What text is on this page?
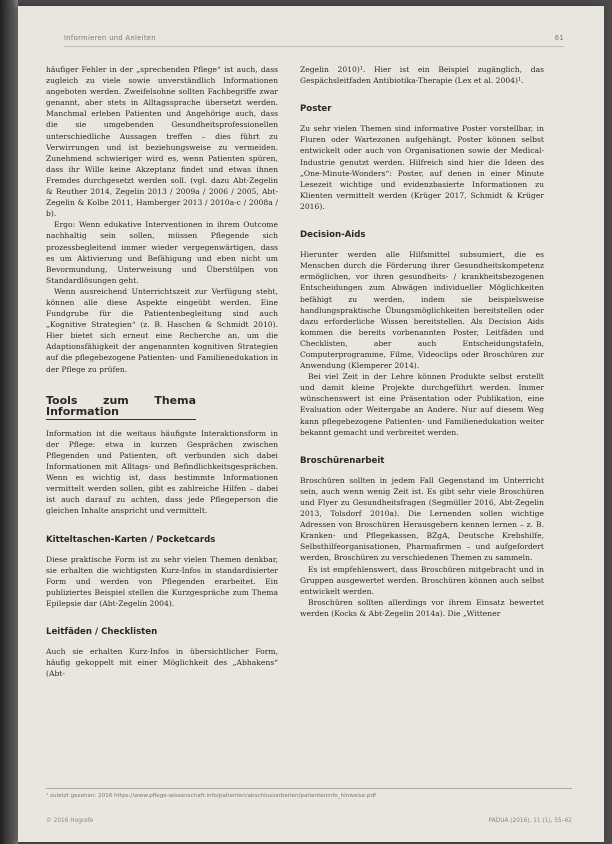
Informieren und Anleiten	61

häufiger Fehler in der „sprechenden Pflege“ ist auch, dass zugleich zu viele sowie unverständlich Informationen angeboten werden. Zweifelsohne sollten Fachbegriffe zwar genannt, aber stets in Alltagssprache übersetzt werden. Manchmal erleben Patienten und Angehörige auch, dass die sie umgebenden Gesundheitsprofessionellen unterschiedliche Aussagen treffen – dies führt zu Verwirrungen und ist beziehungsweise zu vermeiden. Zunehmend schwieriger wird es, wenn Patienten spüren, dass ihr Wille keine Akzeptanz findet und etwas ihnen Fremdes durchgesetzt werden soll. (vgl. dazu Abt-Zegelin & Reuther 2014, Zegelin 2013 / 2009a / 2006 / 2005, Abt-Zegelin & Kolbe 2011, Hamberger 2013 / 2010a-c / 2008a / b).

Ergo: Wenn edukative Interventionen in ihrem Outcome nachhaltig sein sollen, müssen Pflegende sich prozessbegleitend immer wieder vergegenwärtigen, dass es um Aktivierung und Befähigung und eben nicht um Bevormundung, Unterweisung und Überstülpen von Standardlösungen geht.

Wenn ausreichend Unterrichtszeit zur Verfügung steht, können alle diese Aspekte eingeübt werden. Eine Fundgrube für die Patientenbegleitung sind auch „Kognitive Strategien“ (z. B. Haschen & Schmidt 2010). Hier bietet sich erneut eine Recherche an, um die Adaptionsfähigkeit der angenannten kognitiven Strategien auf die pflegebezogene Patienten- und Familienedukation in der Pflege zu prüfen.

Tools zum Thema Information

Information ist die weitaus häufigste Interaktionsform in der Pflege: etwa in kurzen Gesprächen zwischen Pflegenden und Patienten, oft verbunden sich dabei Informationen mit Alltags- und Befindlichkeitsgesprächen. Wenn es wichtig ist, dass bestimmte Informationen vermittelt werden sollen, gibt es zahlreiche Hilfen – dabei ist auch darauf zu achten, dass jede Pflegeperson die gleichen Inhalte anspricht und vermittelt.

Kitteltaschen-Karten / Pocketcards

Diese praktische Form ist zu sehr vielen Themen denkbar, sie erhalten die wichtigsten Kurz-Infos in standardisierter Form und werden von Pflegenden erarbeitet. Ein publiziertes Beispiel stellen die Kurzgespräche zum Thema Epilepsie dar (Abt-Zegelin 2004).

Leitfäden / Checklisten

Auch sie erhalten Kurz-Infos in übersichtlicher Form, häufig gekoppelt mit einer Möglichkeit des „Abhakens“ (Abt-

Zegelin 2010)¹. Hier ist ein Beispiel zugänglich, das Gespächsleitfaden Antibiotika-Therapie (Lex et al. 2004)¹.

Poster

Zu sehr vielen Themen sind informative Poster vorstellbar, in Fluren oder Wartezonen aufgehängt. Poster können selbst entwickelt oder auch von Organisationen sowie der Medical-Industrie genutzt werden. Hilfreich sind hier die Ideen des „One-Minute-Wonders“: Poster, auf denen in einer Minute Lesezeit wichtige und evidenzbasierte Informationen zu Klienten vermittelt werden (Krüger 2017, Schmidt & Krüger 2016).

Decision-Aids

Hierunter werden alle Hilfsmittel subsumiert, die es Menschen durch die Förderung ihrer Gesundheitskompetenz ermöglichen, vor ihren gesundheits- / krankheitsbezogenen Entscheidungen zum Abwägen individueller Möglichkeiten befähigt zu werden, indem sie beispielsweise handlungspraktische Übungsmöglichkeiten bereitstellen oder dazu erforderliche Wissen bereitstellen. Als Decision Aids kommen die bereits vorbenannten Poster, Leitfäden und Checklisten, aber auch Entscheidungstafeln, Computerprogramme, Filme, Videoclips oder Broschüren zur Anwendung (Klemperer 2014).

Bei viel Zeit in der Lehre können Produkte selbst erstellt und damit kleine Projekte durchgeführt werden. Immer wünschenswert ist eine Präsentation oder Publikation, eine Evaluation oder Weitergabe an Andere. Nur auf diesem Weg kann pflegebezogene Patienten- und Familienedukation weiter bekannt gemacht und verbreitet werden.

Broschürenarbeit

Broschüren sollten in jedem Fall Gegenstand im Unterricht sein, auch wenn wenig Zeit ist. Es gibt sehr viele Broschüren und Flyer zu Gesundheitsfragen (Segmüller 2016, Abt-Zegelin 2013, Tolsdorf 2010a). Die Lernenden sollen wichtige Adressen von Broschüren Herausgebern kennen lernen – z. B. Kranken- und Pflegekassen, BZgA, Deutsche Krebshilfe, Selbsthilfeorganisationen, Pharmafirmen – und aufgefordert werden, Broschüren zu verschiedenen Themen zu sammeln.

Es ist empfehlenswert, dass Broschüren mitgebracht und in Gruppen ausgewertet werden. Broschüren können auch selbst entwickelt werden.

Broschüren sollten allerdings vor ihrem Einsatz bewertet werden (Kocks & Abt-Zegelin 2014a). Die „Wittener

¹ zuletzt gesehen: 2016 https://www.pflege-wissenschaft.info/patienten/abschlussarbeiten/patienteninfo_hinweise.pdf
© 2016 Hogrefe	PADUA (2016), 11 (1), 55–62
